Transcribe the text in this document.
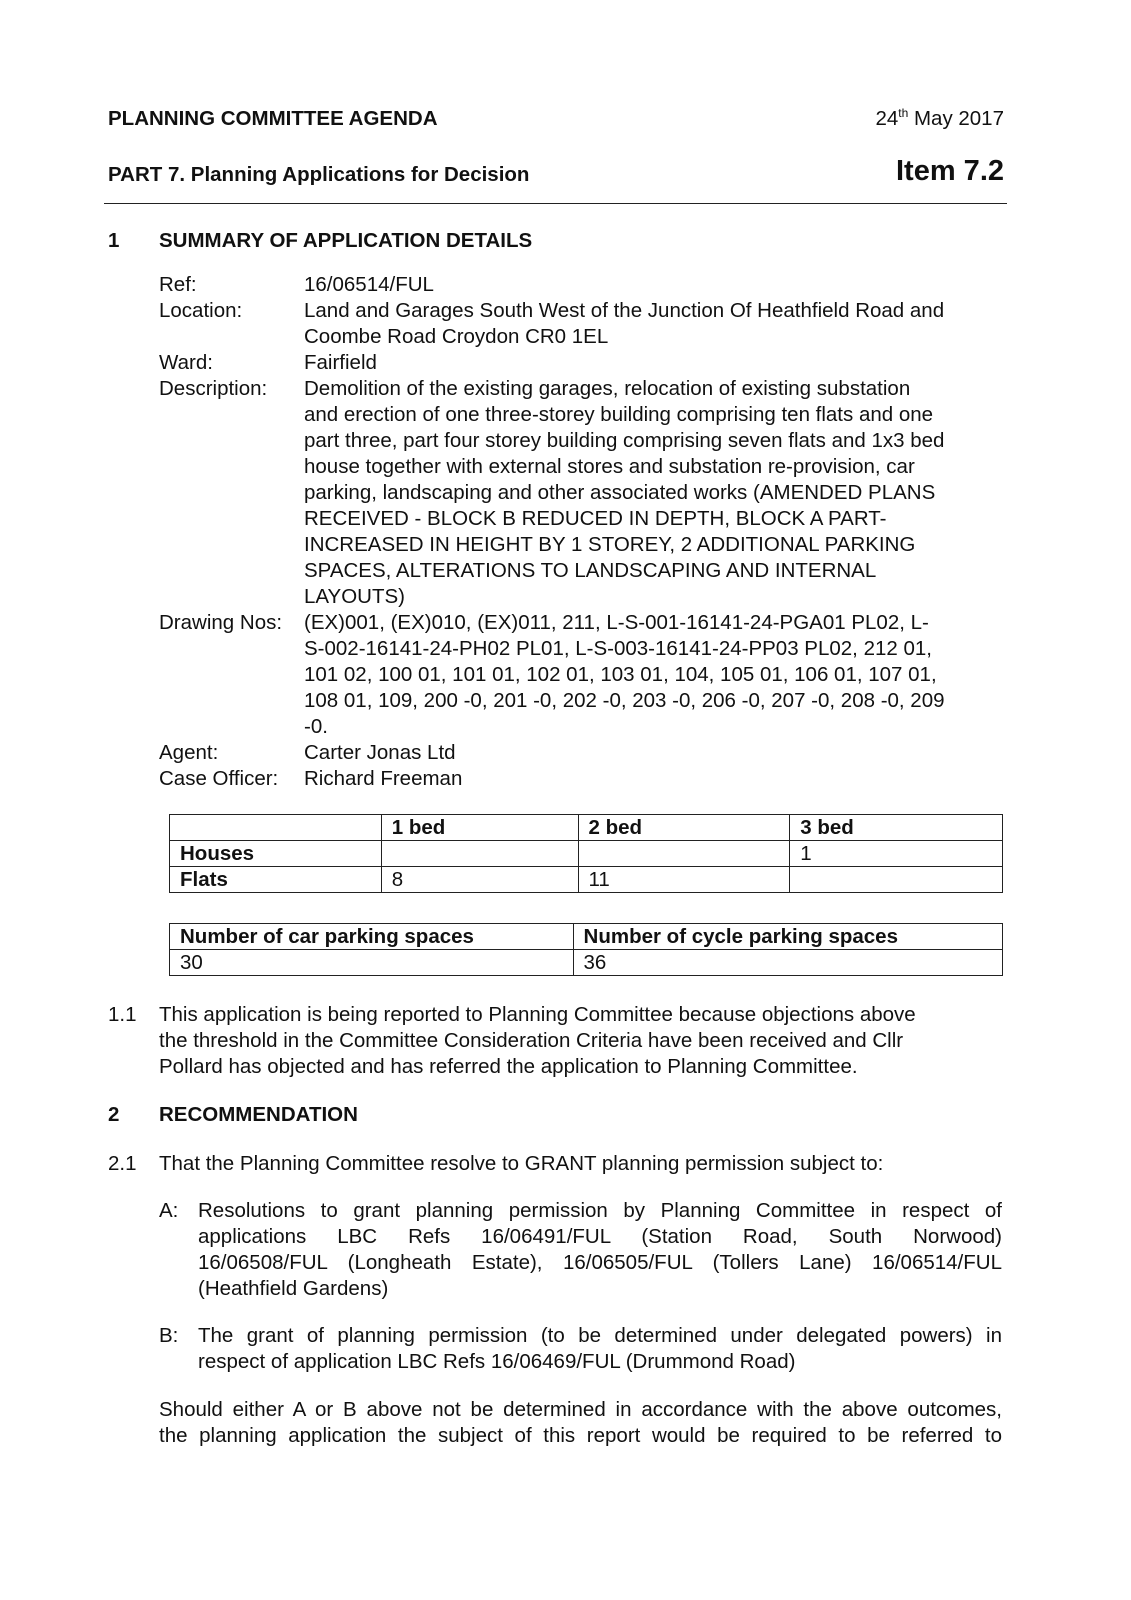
PLANNING COMMITTEE AGENDA	24th May 2017
PART 7. Planning Applications for Decision	Item 7.2
1 SUMMARY OF APPLICATION DETAILS
Ref:	16/06514/FUL
Location:	Land and Garages South West of the Junction Of Heathfield Road and
Coombe Road Croydon CR0 1EL
Ward:	Fairfield
Description: Demolition of the existing garages, relocation of existing substation
and erection of one three-storey building comprising ten flats and one
part three, part four storey building comprising seven flats and 1x3 bed
house together with external stores and substation re-provision, car
parking, landscaping and other associated works (AMENDED PLANS
RECEIVED - BLOCK B REDUCED IN DEPTH, BLOCK A PART-
INCREASED IN HEIGHT BY 1 STOREY, 2 ADDITIONAL PARKING
SPACES, ALTERATIONS TO LANDSCAPING AND INTERNAL
LAYOUTS)
Drawing Nos: (EX)001, (EX)010, (EX)011, 211, L-S-001-16141-24-PGA01 PL02, L-
S-002-16141-24-PH02 PL01, L-S-003-16141-24-PP03 PL02, 212 01,
101 02, 100 01, 101 01, 102 01, 103 01, 104, 105 01, 106 01, 107 01,
108 01, 109, 200 -0, 201 -0, 202 -0, 203 -0, 206 -0, 207 -0, 208 -0, 209
-0.
Agent:	Carter Jonas Ltd
Case Officer: Richard Freeman
	1 bed	2 bed	3 bed
Houses			1
Flats	8	11	
Number of car parking spaces	Number of cycle parking spaces
30	36
1.1 This application is being reported to Planning Committee because objections above
the threshold in the Committee Consideration Criteria have been received and Cllr
Pollard has objected and has referred the application to Planning Committee.
2 RECOMMENDATION
2.1 That the Planning Committee resolve to GRANT planning permission subject to:
A: Resolutions to grant planning permission by Planning Committee in respect of
applications LBC Refs 16/06491/FUL (Station Road, South Norwood)
16/06508/FUL (Longheath Estate), 16/06505/FUL (Tollers Lane) 16/06514/FUL
(Heathfield Gardens)
B: The grant of planning permission (to be determined under delegated powers) in
respect of application LBC Refs 16/06469/FUL (Drummond Road)
Should either A or B above not be determined in accordance with the above outcomes,
the planning application the subject of this report would be required to be referred to
